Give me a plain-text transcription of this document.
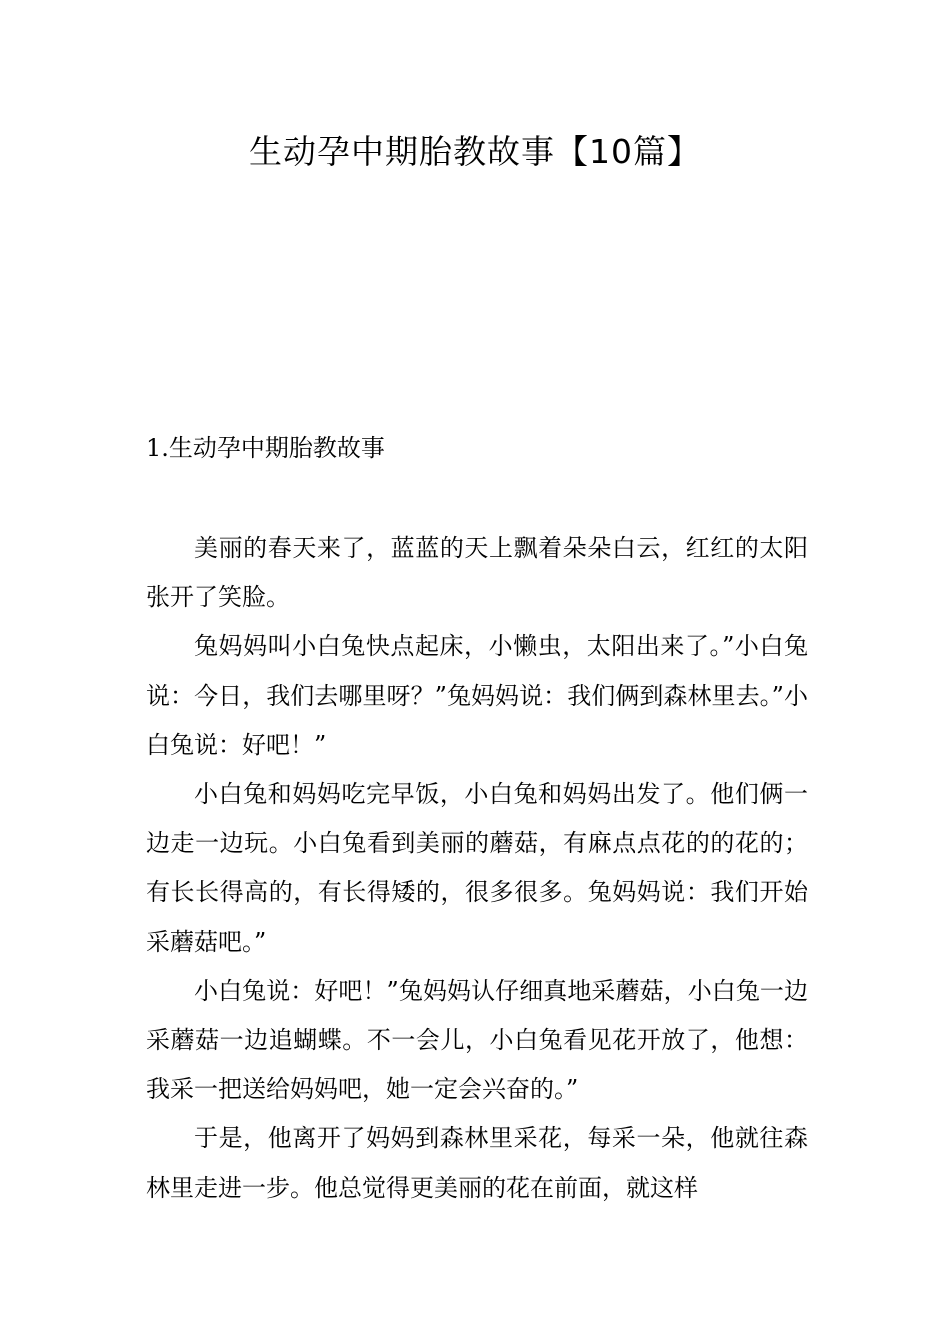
生动孕中期胎教故事【10篇】
1.生动孕中期胎教故事

美丽的春天来了，蓝蓝的天上飘着朵朵白云，红红的太阳张开了笑脸。

兔妈妈叫小白兔快点起床，小懒虫，太阳出来了。”小白兔说：今日，我们去哪里呀？”兔妈妈说：我们俩到森林里去。”小白兔说：好吧！”

小白兔和妈妈吃完早饭，小白兔和妈妈出发了。他们俩一边走一边玩。小白兔看到美丽的蘑菇，有麻点点花的的花的；有长长得高的，有长得矮的，很多很多。兔妈妈说：我们开始采蘑菇吧。”

小白兔说：好吧！”兔妈妈认仔细真地采蘑菇，小白兔一边采蘑菇一边追蝴蝶。不一会儿，小白兔看见花开放了，他想：我采一把送给妈妈吧，她一定会兴奋的。”

于是，他离开了妈妈到森林里采花，每采一朵，他就往森林里走进一步。他总觉得更美丽的花在前面，就这样
